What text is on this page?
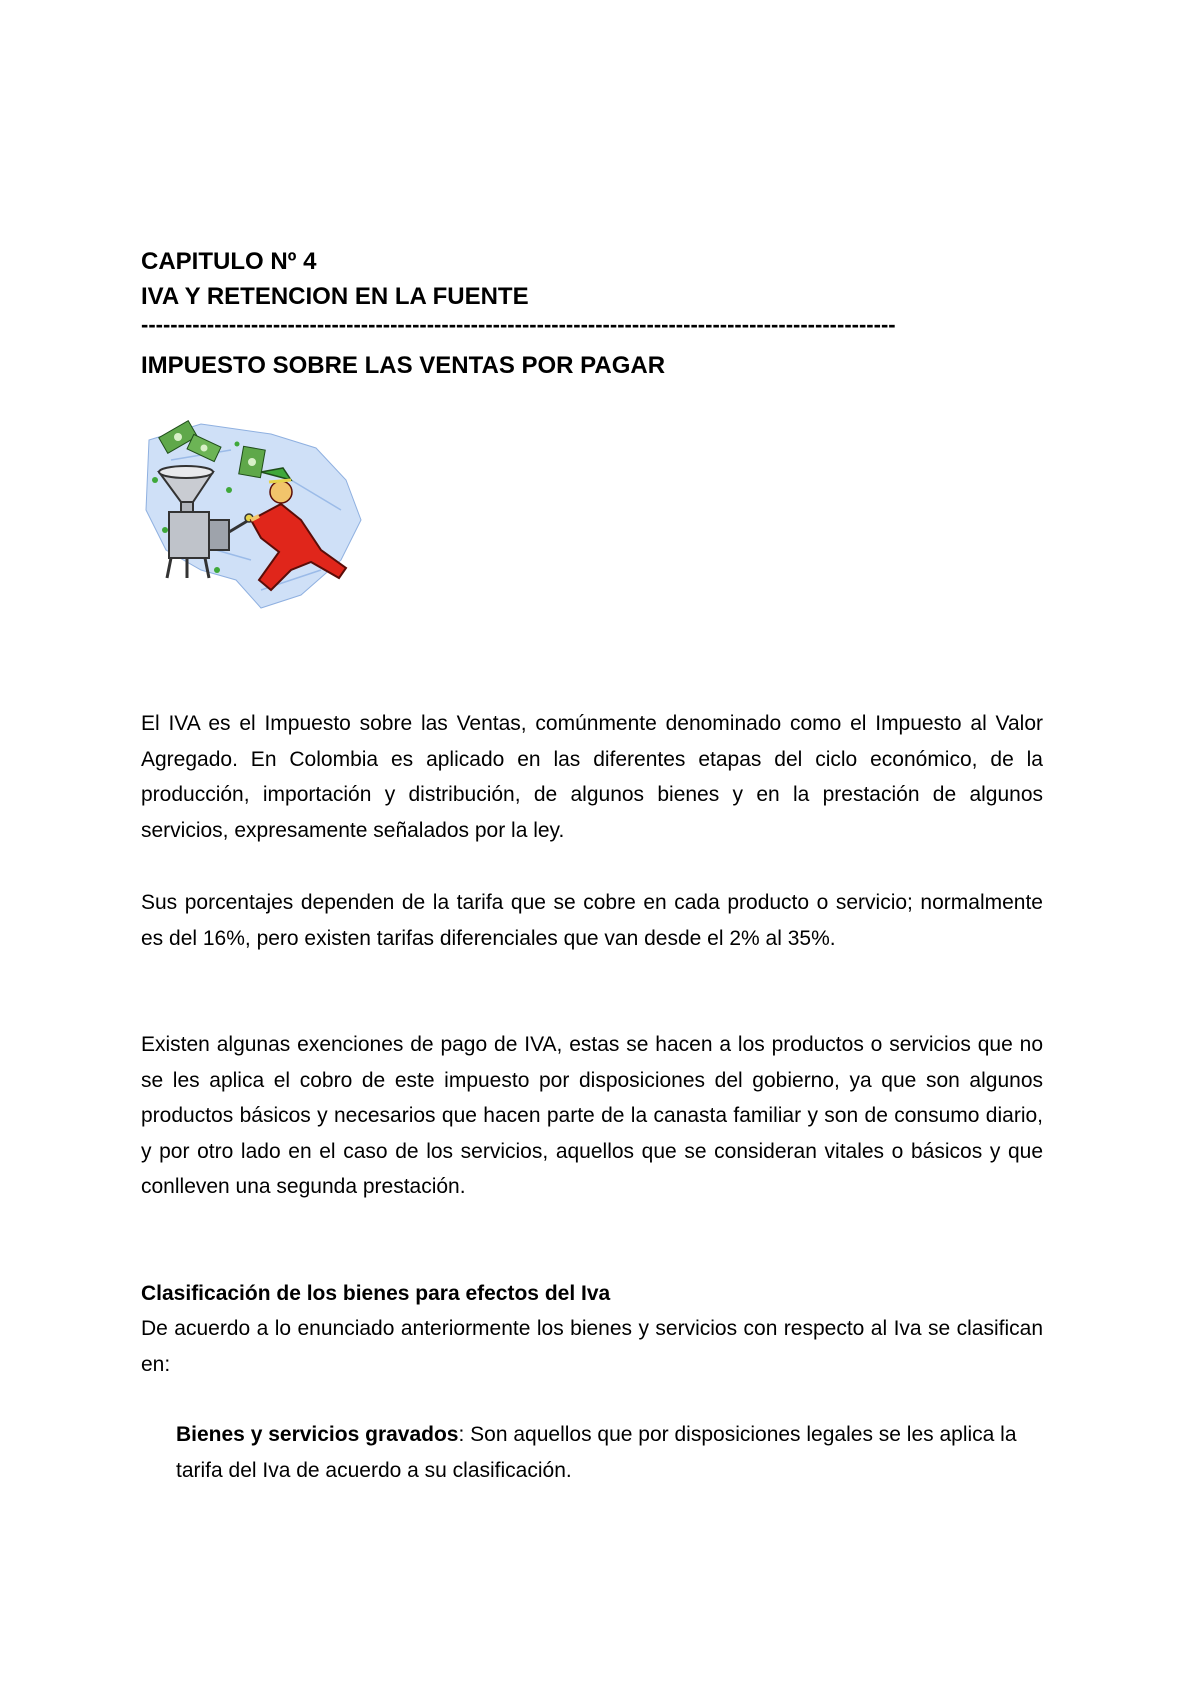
CAPITULO Nº 4
IVA Y RETENCION EN LA FUENTE
-------------------------------------------------------------------------------------------------------
IMPUESTO SOBRE LAS VENTAS POR PAGAR
El IVA es el Impuesto sobre las Ventas, comúnmente denominado como el Impuesto al Valor Agregado. En Colombia es aplicado en las diferentes etapas del ciclo económico, de la producción, importación y distribución, de algunos bienes y en la prestación de algunos servicios, expresamente señalados por la ley.
Sus porcentajes dependen de la tarifa que se cobre en cada producto o servicio; normalmente es del 16%, pero existen tarifas diferenciales que van desde el 2% al 35%.
Existen algunas exenciones de pago de IVA, estas se hacen a los productos o servicios que no se les aplica el cobro de este impuesto por disposiciones del gobierno, ya que son algunos productos básicos y necesarios que hacen parte de la canasta familiar y son de consumo diario, y por otro lado en el caso de los servicios, aquellos que se consideran vitales o básicos y que conlleven una segunda prestación.
Clasificación de los bienes para efectos del Iva
De acuerdo a lo enunciado anteriormente los bienes y servicios con respecto al Iva se clasifican en:
Bienes y servicios gravados: Son aquellos que por disposiciones legales se les aplica la tarifa del Iva de acuerdo a su clasificación.
